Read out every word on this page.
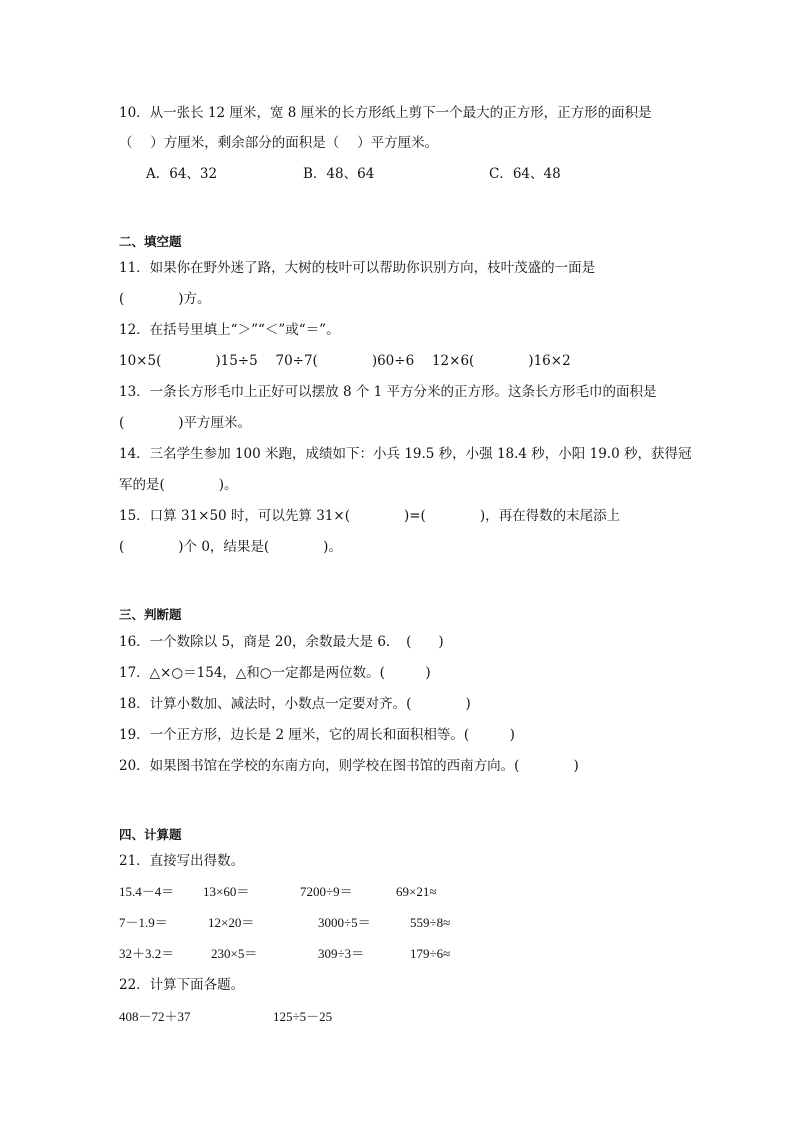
10．从一张长 12 厘米，宽 8 厘米的长方形纸上剪下一个最大的正方形，正方形的面积是
（　 ）方厘米，剩余部分的面积是（　 ）平方厘米。
A．64、32	B．48、64	C．64、48
二、填空题
11．如果你在野外迷了路，大树的枝叶可以帮助你识别方向，枝叶茂盛的一面是
(　　　　)方。
12．在括号里填上“＞”“＜”或“＝”。
10×5(　　　　)15÷5　 70÷7(　　　　)60÷6　 12×6(　　　　)16×2
13．一条长方形毛巾上正好可以摆放 8 个 1 平方分米的正方形。这条长方形毛巾的面积是
(　　　　)平方厘米。
14．三名学生参加 100 米跑，成绩如下：小兵 19.5 秒，小强 18.4 秒，小阳 19.0 秒，获得冠
军的是(　　　　)。
15．口算 31×50 时，可以先算 31×(　　　　)=(　　　　)，再在得数的末尾添上
(　　　　)个 0，结果是(　　　　)。
三、判断题
16．一个数除以 5，商是 20，余数最大是 6．　(　　)
17．△×○＝154，△和○一定都是两位数。(　　　)
18．计算小数加、减法时，小数点一定要对齐。(　　　　)
19．一个正方形，边长是 2 厘米，它的周长和面积相等。(　　　)
20．如果图书馆在学校的东南方向，则学校在图书馆的西南方向。(　　　　)
四、计算题
21．直接写出得数。
15.4－4＝ 13×60＝	7200÷9＝	69×21≈
7－1.9＝	12×20＝	3000÷5＝	559÷8≈
32＋3.2＝	230×5＝	309÷3＝	179÷6≈
22．计算下面各题。
408－72＋37	125÷5－25
